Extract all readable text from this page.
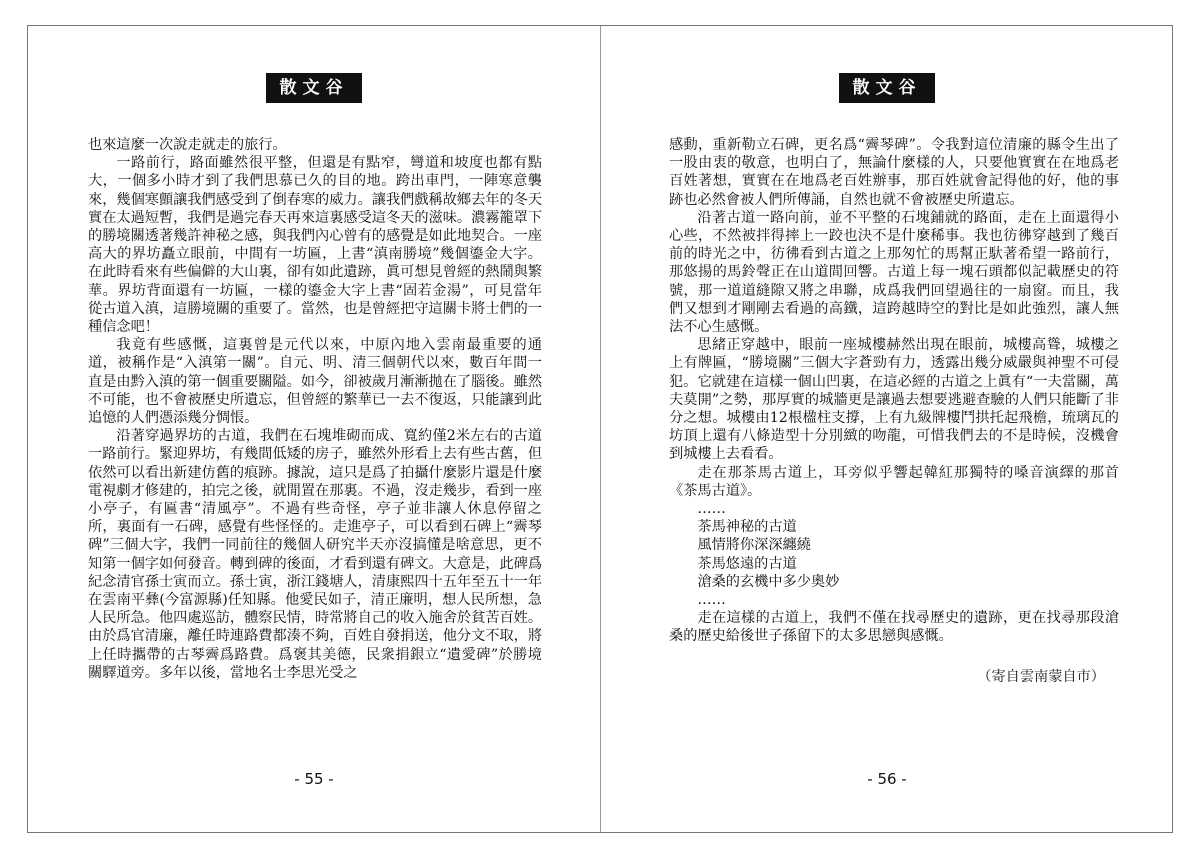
散文谷

也來這麼一次說走就走的旅行。

一路前行，路面雖然很平整，但還是有點窄，彎道和坡度也都有點大，一個多小時才到了我們思慕已久的目的地。跨出車門，一陣寒意襲來，幾個寒顫讓我們感受到了倒春寒的威力。讓我們戲稱故鄉去年的冬天實在太過短暫，我們是過完春天再來這裏感受這冬天的滋味。濃霧籠罩下的勝境關透著幾許神秘之感，與我們內心曾有的感覺是如此地契合。一座高大的界坊矗立眼前，中間有一坊匾，上書“滇南勝境”幾個鎏金大字。在此時看來有些偏僻的大山裏，卻有如此遺跡，眞可想見曾經的熱鬧與繁華。界坊背面還有一坊匾，一樣的鎏金大字上書“固若金湯”，可見當年從古道入滇，這勝境關的重要了。當然，也是曾經把守這關卡將士們的一種信念吧！

我竟有些感慨，這裏曾是元代以來，中原內地入雲南最重要的通道，被稱作是“入滇第一關”。自元、明、清三個朝代以來，數百年間一直是由黔入滇的第一個重要關隘。如今，卻被歲月漸漸拋在了腦後。雖然不可能，也不會被歷史所遺忘，但曾經的繁華已一去不復返，只能讓到此追憶的人們憑添幾分惆悵。

沿著穿過界坊的古道，我們在石塊堆砌而成、寬約僅2米左右的古道一路前行。緊迎界坊，有幾間低矮的房子，雖然外形看上去有些古舊，但依然可以看出新建仿舊的痕跡。據說，這只是爲了拍攝什麼影片還是什麼電視劇才修建的，拍完之後，就閒置在那裏。不過，沒走幾步，看到一座小亭子，有匾書“清風亭”。不過有些奇怪，亭子並非讓人休息停留之所，裏面有一石碑，感覺有些怪怪的。走進亭子，可以看到石碑上“霽琴碑”三個大字，我們一同前往的幾個人研究半天亦沒搞懂是啥意思，更不知第一個字如何發音。轉到碑的後面，才看到還有碑文。大意是，此碑爲紀念清官孫士寅而立。孫士寅，浙江錢塘人，清康熙四十五年至五十一年在雲南平彝(今富源縣)任知縣。他愛民如子，清正廉明，想人民所想，急人民所急。他四處巡訪，體察民情，時常將自己的收入施舍於貧苦百姓。由於爲官清廉，離任時連路費都湊不夠，百姓自發捐送，他分文不取，將上任時攜帶的古琴霽爲路費。爲褒其美德，民衆捐銀立“遺愛碑”於勝境關驛道旁。多年以後，當地名士李思光受之

- 55 -
散文谷

感動，重新勒立石碑，更名爲“霽琴碑”。令我對這位清廉的縣令生出了一股由衷的敬意，也明白了，無論什麼樣的人，只要他實實在在地爲老百姓著想，實實在在地爲老百姓辦事，那百姓就會記得他的好，他的事跡也必然會被人們所傳誦，自然也就不會被歷史所遺忘。

沿著古道一路向前，並不平整的石塊鋪就的路面，走在上面還得小心些，不然被拌得摔上一跤也決不是什麼稀事。我也彷彿穿越到了幾百前的時光之中，彷彿看到古道之上那匆忙的馬幫正馱著希望一路前行，那悠揚的馬鈴聲正在山道間回響。古道上每一塊石頭都似記載歷史的符號，那一道道縫隙又將之串聯，成爲我們回望過往的一扇窗。而且，我們又想到才剛剛去看過的高鐵，這跨越時空的對比是如此強烈，讓人無法不心生感慨。

思緒正穿越中，眼前一座城樓赫然出現在眼前，城樓高聳，城樓之上有牌匾，“勝境關”三個大字蒼勁有力，透露出幾分威嚴與神聖不可侵犯。它就建在這樣一個山凹裏，在這必經的古道之上眞有“一夫當關，萬夫莫開”之勢，那厚實的城牆更是讓過去想要逃避查驗的人們只能斷了非分之想。城樓由12根楹柱支撐，上有九級牌樓鬥拱托起飛檐，琉璃瓦的坊頂上還有八條造型十分別緻的吻龍，可惜我們去的不是時候，沒機會到城樓上去看看。

走在那茶馬古道上，耳旁似乎響起韓紅那獨特的嗓音演繹的那首《茶馬古道》。

……
茶馬神秘的古道
風情將你深深纏繞
茶馬悠遠的古道
滄桑的玄機中多少奧妙
……

走在這樣的古道上，我們不僅在找尋歷史的遺跡，更在找尋那段滄桑的歷史給後世子孫留下的太多思戀與感慨。

（寄自雲南蒙自市）

- 56 -
